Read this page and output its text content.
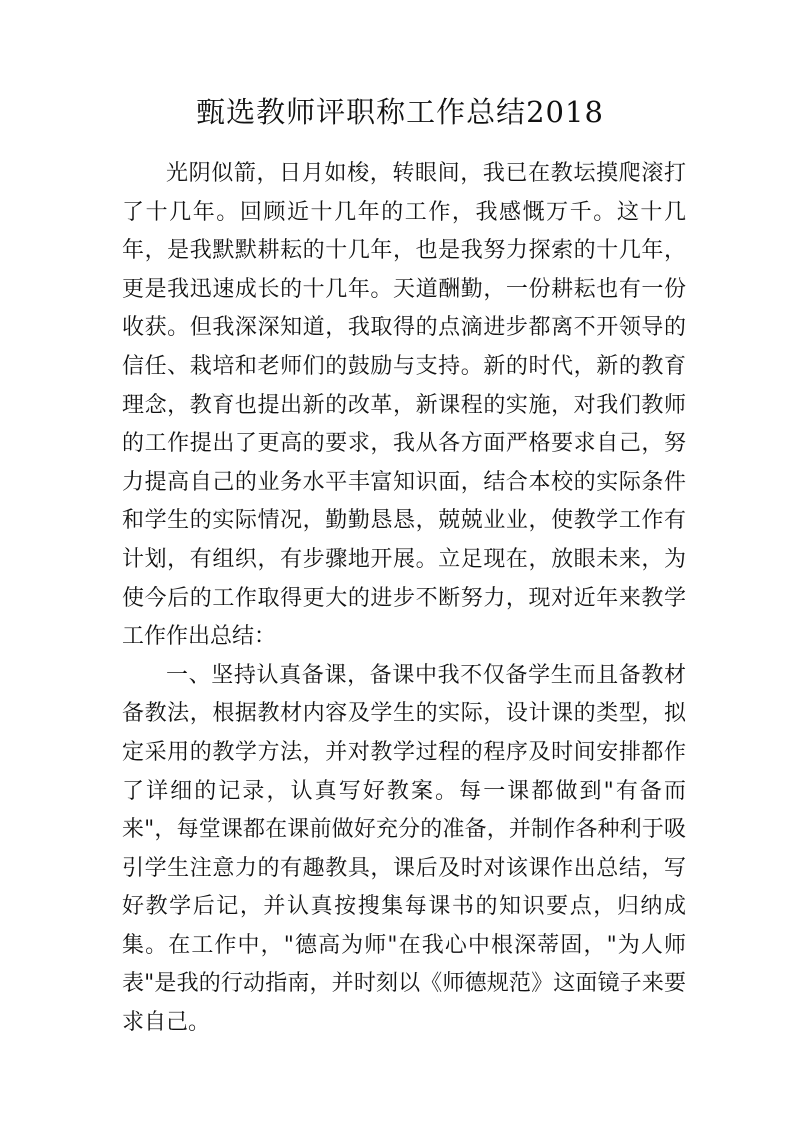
甄选教师评职称工作总结2018

光阴似箭，日月如梭，转眼间，我已在教坛摸爬滚打了十几年。回顾近十几年的工作，我感慨万千。这十几年，是我默默耕耘的十几年，也是我努力探索的十几年，更是我迅速成长的十几年。天道酬勤，一份耕耘也有一份收获。但我深深知道，我取得的点滴进步都离不开领导的信任、栽培和老师们的鼓励与支持。新的时代，新的教育理念，教育也提出新的改革，新课程的实施，对我们教师的工作提出了更高的要求，我从各方面严格要求自己，努力提高自己的业务水平丰富知识面，结合本校的实际条件和学生的实际情况，勤勤恳恳，兢兢业业，使教学工作有计划，有组织，有步骤地开展。立足现在，放眼未来，为使今后的工作取得更大的进步不断努力，现对近年来教学工作作出总结：

一、坚持认真备课，备课中我不仅备学生而且备教材备教法，根据教材内容及学生的实际，设计课的类型，拟定采用的教学方法，并对教学过程的程序及时间安排都作了详细的记录，认真写好教案。每一课都做到"有备而来"，每堂课都在课前做好充分的准备，并制作各种利于吸引学生注意力的有趣教具，课后及时对该课作出总结，写好教学后记，并认真按搜集每课书的知识要点，归纳成集。在工作中，"德高为师"在我心中根深蒂固，"为人师表"是我的行动指南，并时刻以《师德规范》这面镜子来要求自己。
